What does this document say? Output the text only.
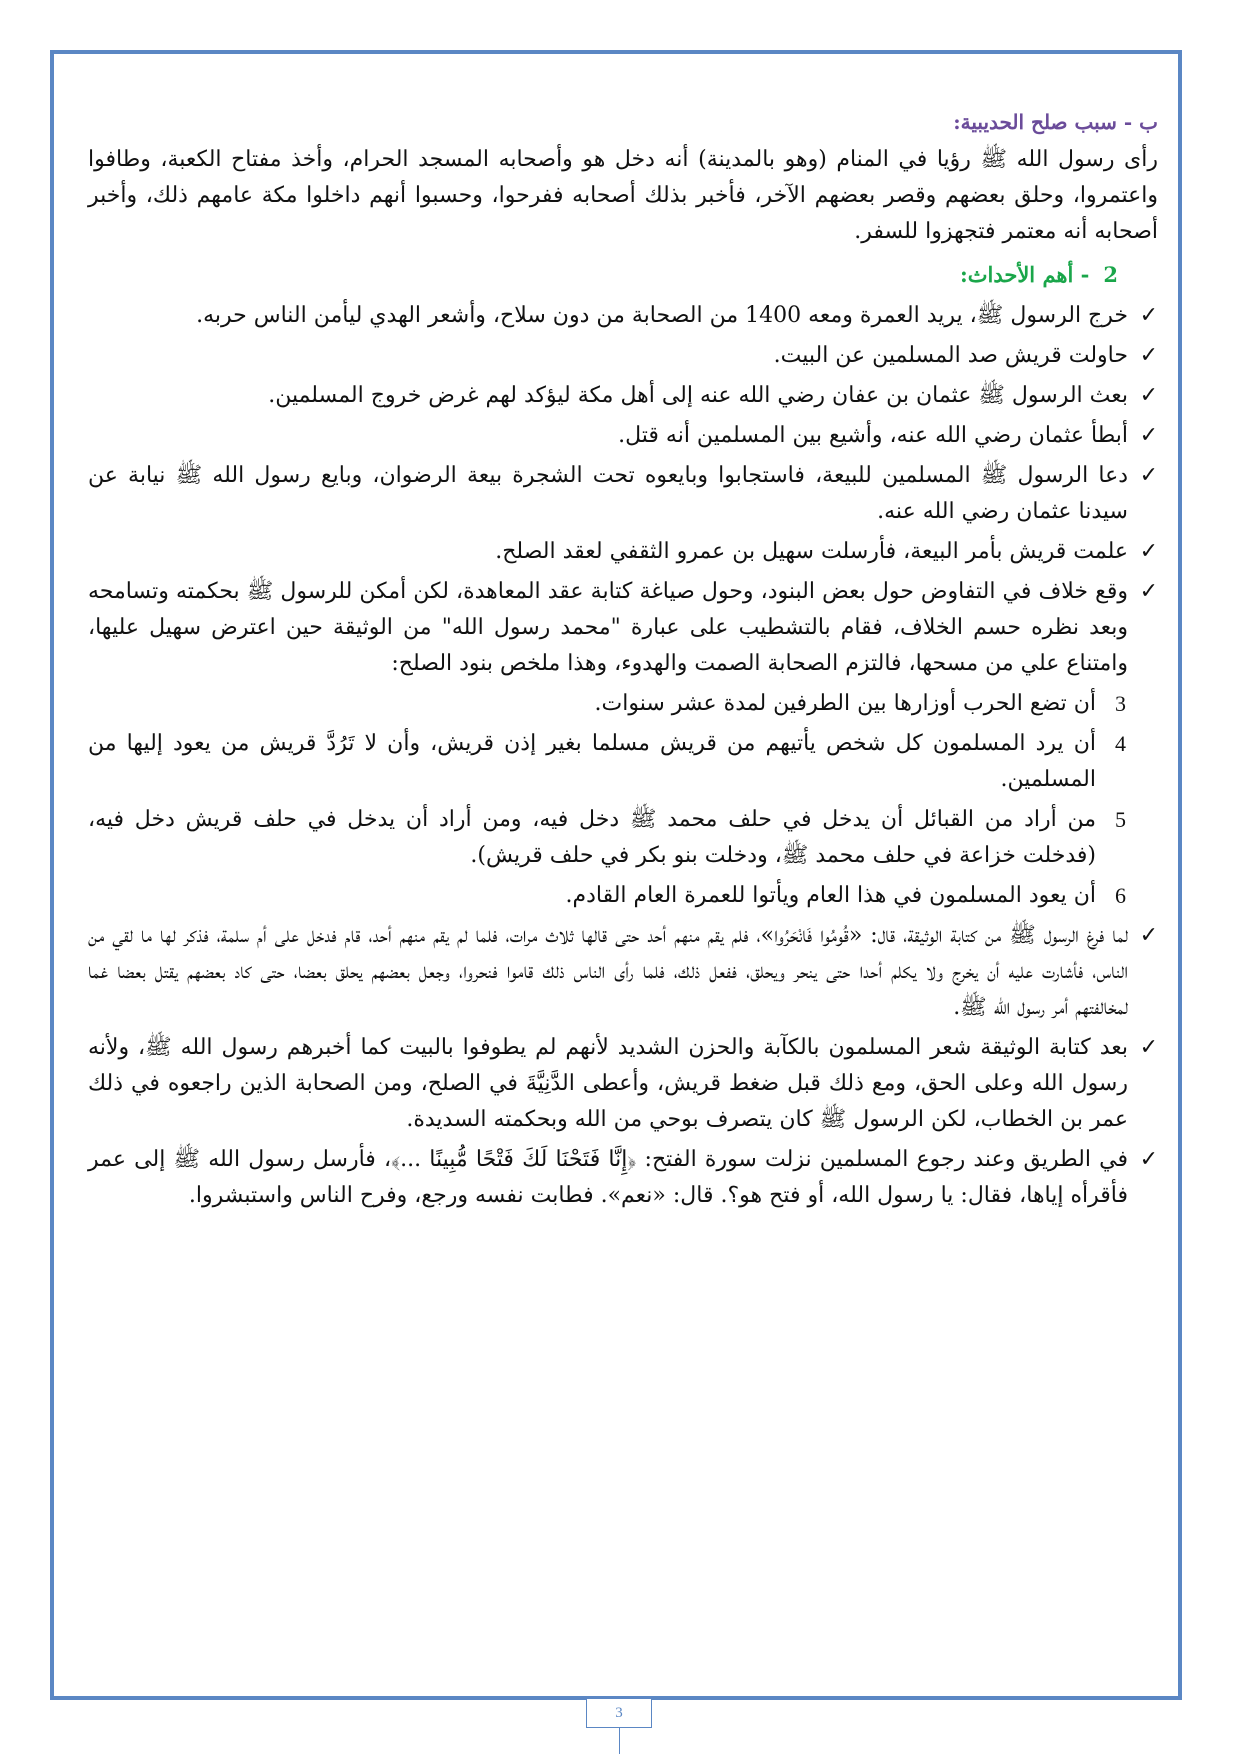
ب - سبب صلح الحديبية:

رأى رسول الله ﷺ رؤيا في المنام (وهو بالمدينة) أنه دخل هو وأصحابه المسجد الحرام، وأخذ مفتاح الكعبة، وطافوا واعتمروا، وحلق بعضهم وقصر بعضهم الآخر، فأخبر بذلك أصحابه ففرحوا، وحسبوا أنهم داخلوا مكة عامهم ذلك، وأخبر أصحابه أنه معتمر فتجهزوا للسفر.

2- أهم الأحداث:
✓
خرج الرسول ﷺ، يريد العمرة ومعه 1400 من الصحابة من دون سلاح، وأشعر الهدي ليأمن الناس حربه.
✓
حاولت قريش صد المسلمين عن البيت.
✓
بعث الرسول ﷺ عثمان بن عفان رضي الله عنه إلى أهل مكة ليؤكد لهم غرض خروج المسلمين.
✓
أبطأ عثمان رضي الله عنه، وأشيع بين المسلمين أنه قتل.
✓
دعا الرسول ﷺ المسلمين للبيعة، فاستجابوا وبايعوه تحت الشجرة بيعة الرضوان، وبايع رسول الله ﷺ نيابة عن سيدنا عثمان رضي الله عنه.
✓
علمت قريش بأمر البيعة، فأرسلت سهيل بن عمرو الثقفي لعقد الصلح.
✓
وقع خلاف في التفاوض حول بعض البنود، وحول صياغة كتابة عقد المعاهدة، لكن أمكن للرسول ﷺ بحكمته وتسامحه وبعد نظره حسم الخلاف، فقام بالتشطيب على عبارة "محمد رسول الله" من الوثيقة حين اعترض سهيل عليها، وامتناع علي من مسحها، فالتزم الصحابة الصمت والهدوء، وهذا ملخص بنود الصلح:
3
أن تضع الحرب أوزارها بين الطرفين لمدة عشر سنوات.
4
أن يرد المسلمون كل شخص يأتيهم من قريش مسلما بغير إذن قريش، وأن لا تَرُدَّ قريش من يعود إليها من المسلمين.
5
من أراد من القبائل أن يدخل في حلف محمد ﷺ دخل فيه، ومن أراد أن يدخل في حلف قريش دخل فيه، (فدخلت خزاعة في حلف محمد ﷺ، ودخلت بنو بكر في حلف قريش).
6
أن يعود المسلمون في هذا العام ويأتوا للعمرة العام القادم.
✓
لما فرغ الرسول ﷺ من كتابة الوثيقة، قال: «قُومُوا فَانْحَرُوا»، فلم يقم منهم أحد حتى قالها ثلاث مرات، فلما لم يقم منهم أحد، قام فدخل على أم سلمة، فذكر لها ما لقي من الناس، فأشارت عليه أن يخرج ولا يكلم أحدا حتى ينحر ويحلق، ففعل ذلك، فلما رأى الناس ذلك قاموا فنحروا، وجعل بعضهم يحلق بعضا، حتى كاد بعضهم يقتل بعضا غما لمخالفتهم أمر رسول الله ﷺ.
✓
بعد كتابة الوثيقة شعر المسلمون بالكآبة والحزن الشديد لأنهم لم يطوفوا بالبيت كما أخبرهم رسول الله ﷺ، ولأنه رسول الله وعلى الحق، ومع ذلك قبل ضغط قريش، وأعطى الدَّنِيَّةَ في الصلح، ومن الصحابة الذين راجعوه في ذلك عمر بن الخطاب، لكن الرسول ﷺ كان يتصرف بوحي من الله وبحكمته السديدة.
✓
في الطريق وعند رجوع المسلمين نزلت سورة الفتح: ﴿إِنَّا فَتَحْنَا لَكَ فَتْحًا مُّبِينًا ...﴾، فأرسل رسول الله ﷺ إلى عمر فأقرأه إياها، فقال: يا رسول الله، أو فتح هو؟. قال: «نعم». فطابت نفسه ورجع، وفرح الناس واستبشروا.
3
